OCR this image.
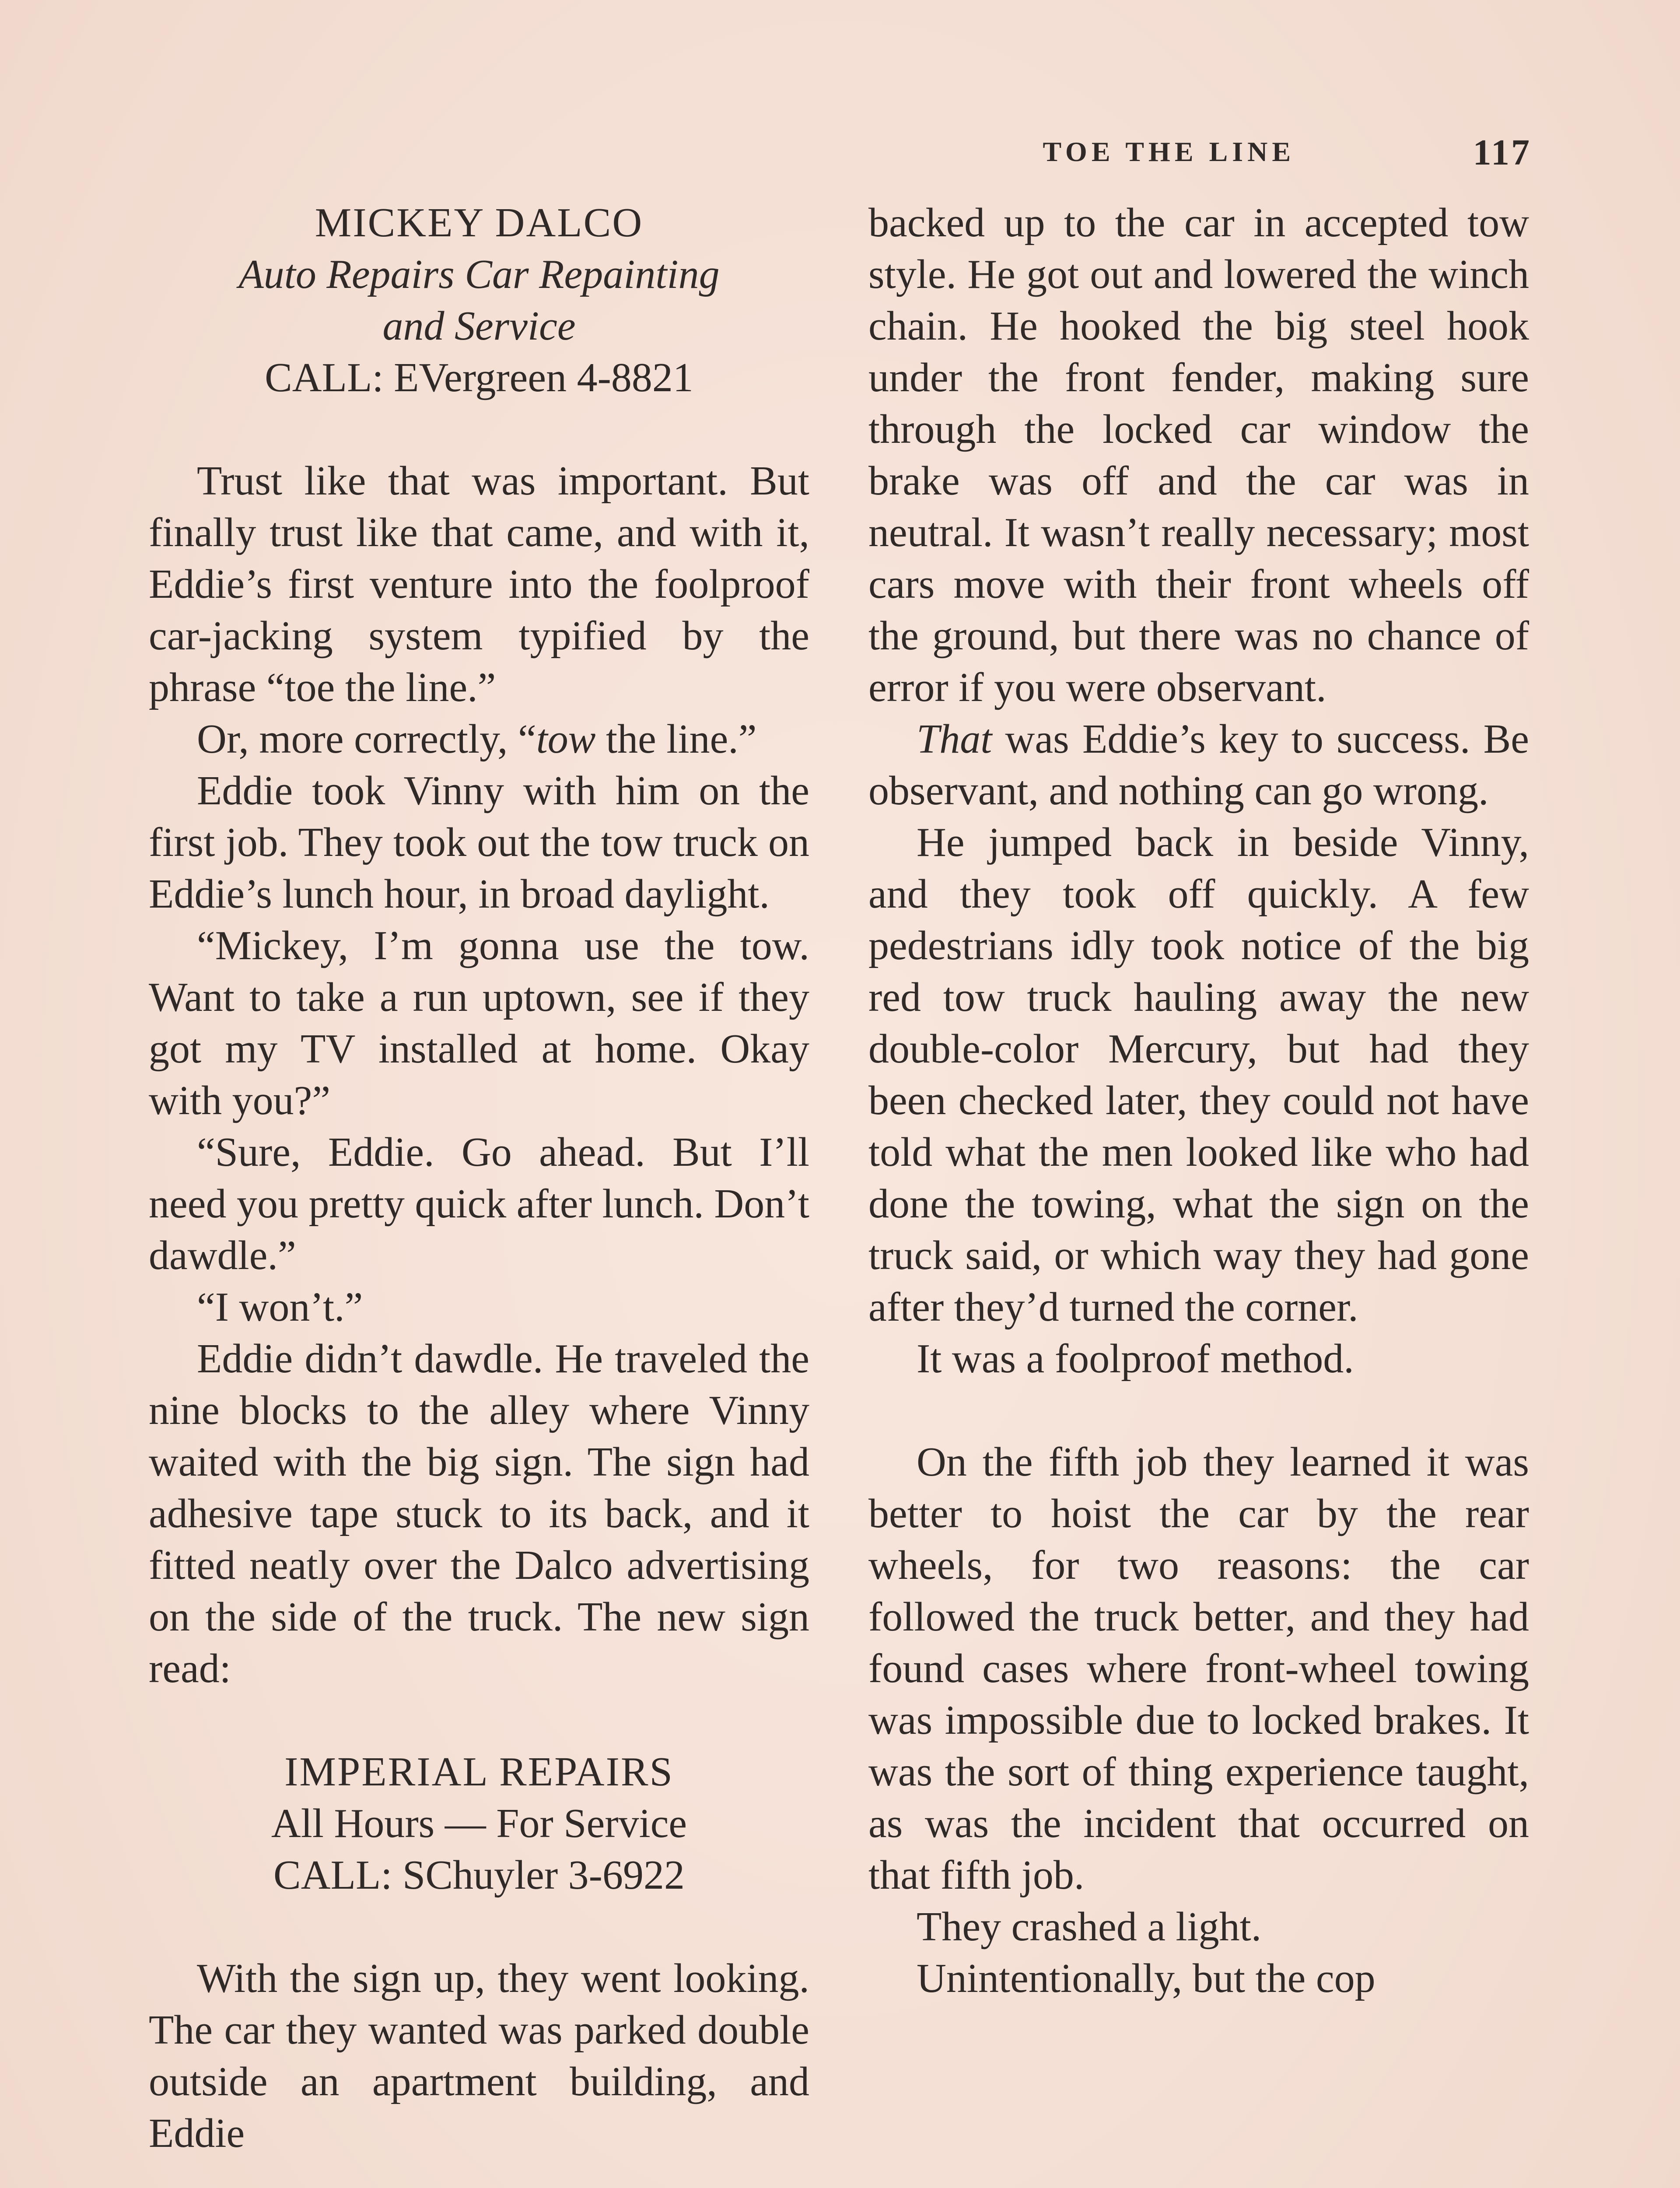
TOE THE LINE	117
MICKEY DALCO
Auto Repairs Car Repainting
and Service
CALL: EVergreen 4-8821

Trust like that was important. But finally trust like that came, and with it, Eddie’s first venture into the foolproof car-jacking system typified by the phrase “toe the line.”

Or, more correctly, “tow the line.”

Eddie took Vinny with him on the first job. They took out the tow truck on Eddie’s lunch hour, in broad daylight.

“Mickey, I’m gonna use the tow. Want to take a run uptown, see if they got my TV installed at home. Okay with you?”

“Sure, Eddie. Go ahead. But I’ll need you pretty quick after lunch. Don’t dawdle.”

“I won’t.”

Eddie didn’t dawdle. He traveled the nine blocks to the alley where Vinny waited with the big sign. The sign had adhesive tape stuck to its back, and it fitted neatly over the Dalco advertising on the side of the truck. The new sign read:

IMPERIAL REPAIRS
All Hours — For Service
CALL: SChuyler 3-6922

With the sign up, they went looking. The car they wanted was parked double outside an apartment building, and Eddie

backed up to the car in accepted tow style. He got out and lowered the winch chain. He hooked the big steel hook under the front fender, making sure through the locked car window the brake was off and the car was in neutral. It wasn’t really necessary; most cars move with their front wheels off the ground, but there was no chance of error if you were observant.

That was Eddie’s key to success. Be observant, and nothing can go wrong.

He jumped back in beside Vinny, and they took off quickly. A few pedestrians idly took notice of the big red tow truck hauling away the new double-color Mercury, but had they been checked later, they could not have told what the men looked like who had done the towing, what the sign on the truck said, or which way they had gone after they’d turned the corner.

It was a foolproof method.

On the fifth job they learned it was better to hoist the car by the rear wheels, for two reasons: the car followed the truck better, and they had found cases where front-wheel towing was impossible due to locked brakes. It was the sort of thing experience taught, as was the incident that occurred on that fifth job.

They crashed a light.

Unintentionally, but the cop
